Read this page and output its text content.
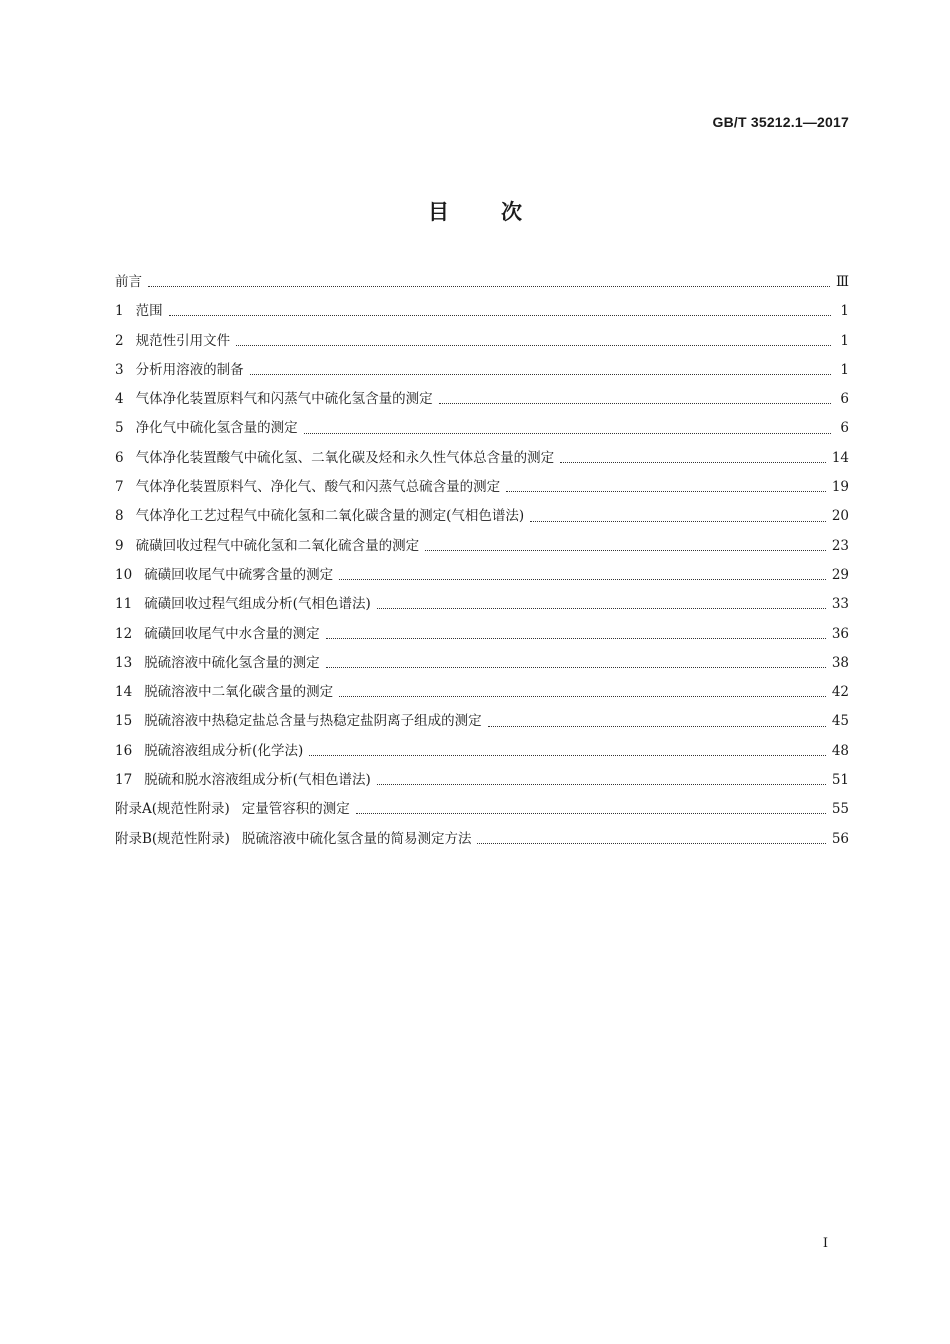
GB/T 35212.1—2017
目次
前言	Ⅲ
1 范围	1
2 规范性引用文件	1
3 分析用溶液的制备	1
4 气体净化装置原料气和闪蒸气中硫化氢含量的测定	6
5 净化气中硫化氢含量的测定	6
6 气体净化装置酸气中硫化氢、二氧化碳及烃和永久性气体总含量的测定	14
7 气体净化装置原料气、净化气、酸气和闪蒸气总硫含量的测定	19
8 气体净化工艺过程气中硫化氢和二氧化碳含量的测定(气相色谱法)	20
9 硫磺回收过程气中硫化氢和二氧化硫含量的测定	23
10 硫磺回收尾气中硫雾含量的测定	29
11 硫磺回收过程气组成分析(气相色谱法)	33
12 硫磺回收尾气中水含量的测定	36
13 脱硫溶液中硫化氢含量的测定	38
14 脱硫溶液中二氧化碳含量的测定	42
15 脱硫溶液中热稳定盐总含量与热稳定盐阴离子组成的测定	45
16 脱硫溶液组成分析(化学法)	48
17 脱硫和脱水溶液组成分析(气相色谱法)	51
附录A(规范性附录) 定量管容积的测定	55
附录B(规范性附录) 脱硫溶液中硫化氢含量的简易测定方法	56
I
